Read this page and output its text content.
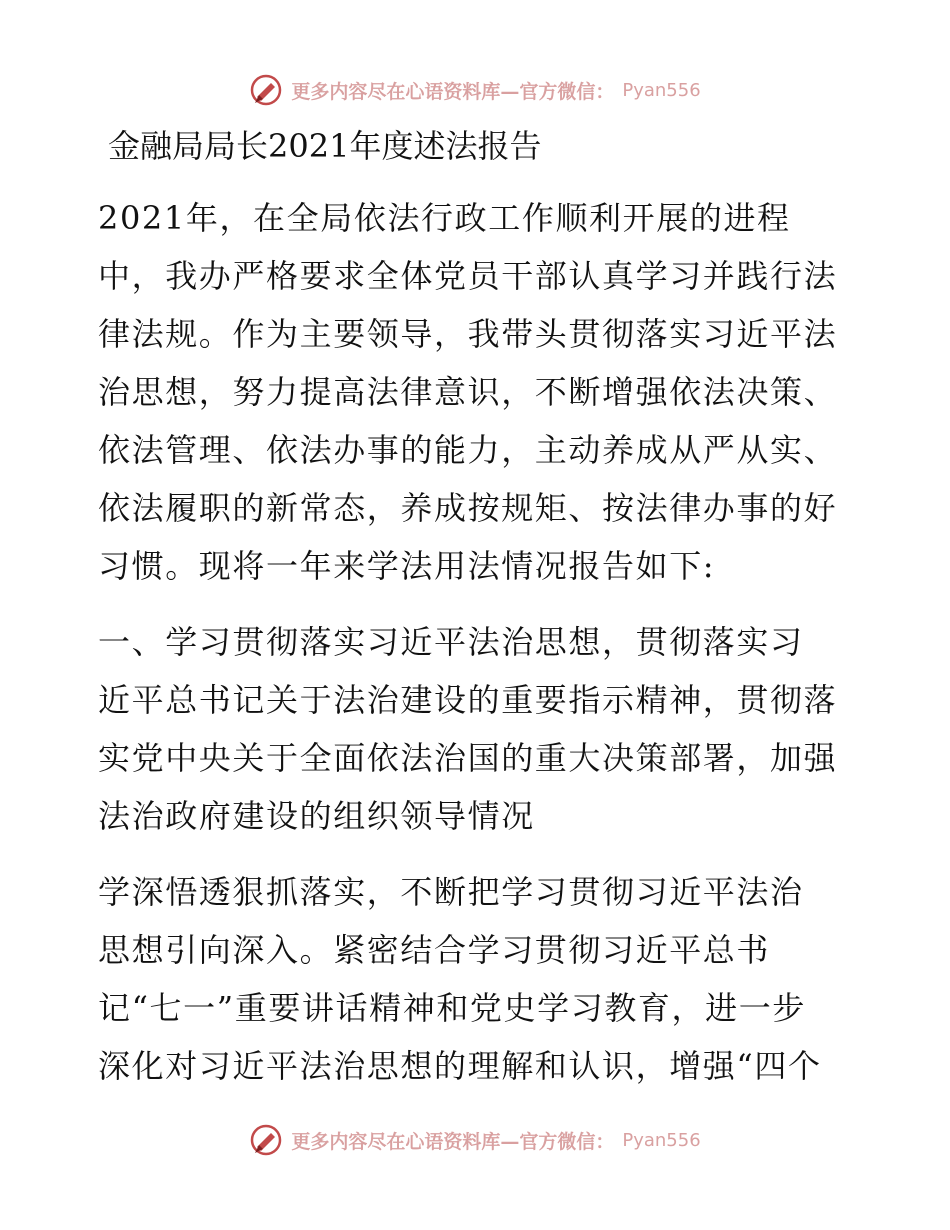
更多内容尽在心语资料库—官方微信： Pyan556
金融局局长2021年度述法报告
2021年，在全局依法行政工作顺利开展的进程
中，我办严格要求全体党员干部认真学习并践行法
律法规。作为主要领导，我带头贯彻落实习近平法
治思想，努力提高法律意识，不断增强依法决策、
依法管理、依法办事的能力，主动养成从严从实、
依法履职的新常态，养成按规矩、按法律办事的好
习惯。现将一年来学法用法情况报告如下:
一、学习贯彻落实习近平法治思想，贯彻落实习
近平总书记关于法治建设的重要指示精神，贯彻落
实党中央关于全面依法治国的重大决策部署，加强
法治政府建设的组织领导情况
学深悟透狠抓落实，不断把学习贯彻习近平法治
思想引向深入。紧密结合学习贯彻习近平总书
记“七一”重要讲话精神和党史学习教育，进一步
深化对习近平法治思想的理解和认识，增强“四个
更多内容尽在心语资料库—官方微信： Pyan556
